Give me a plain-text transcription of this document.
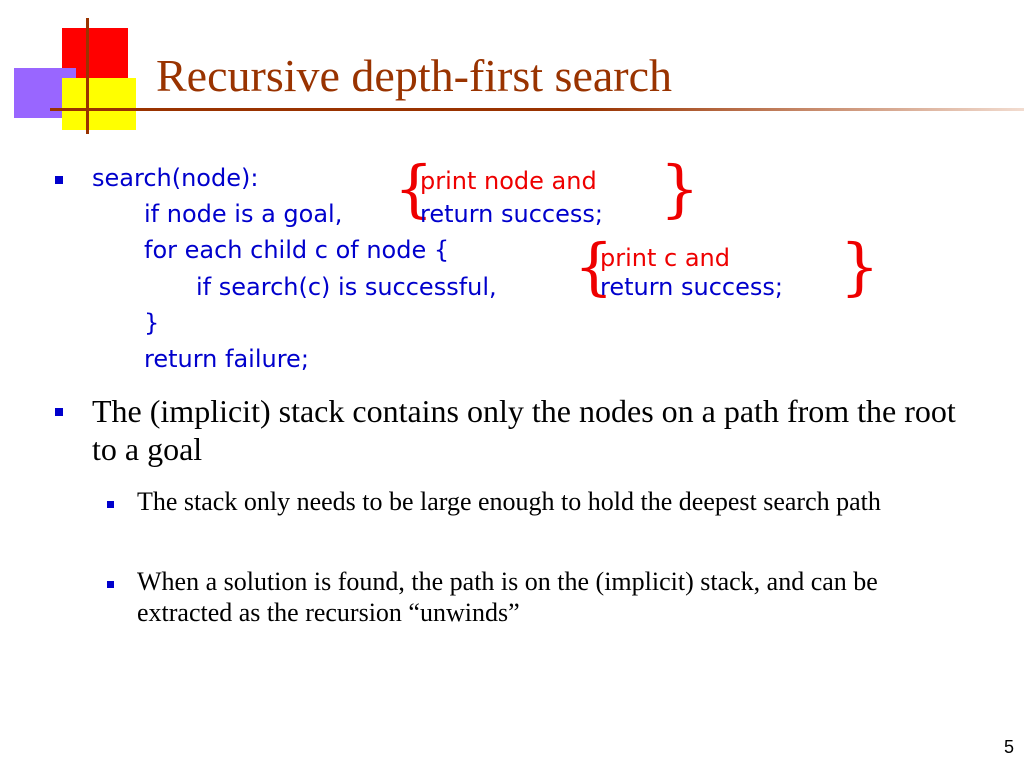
Recursive depth-first search
search(node):
if node is a goal,
for each child c of node {
if search(c) is successful,
}
return failure;
{
print node and
return success; }
{
print c and
return success; }
The (implicit) stack contains only the nodes on a path from the root to a goal
The stack only needs to be large enough to hold the deepest search path
When a solution is found, the path is on the (implicit) stack, and can be extracted as the recursion “unwinds”
5
